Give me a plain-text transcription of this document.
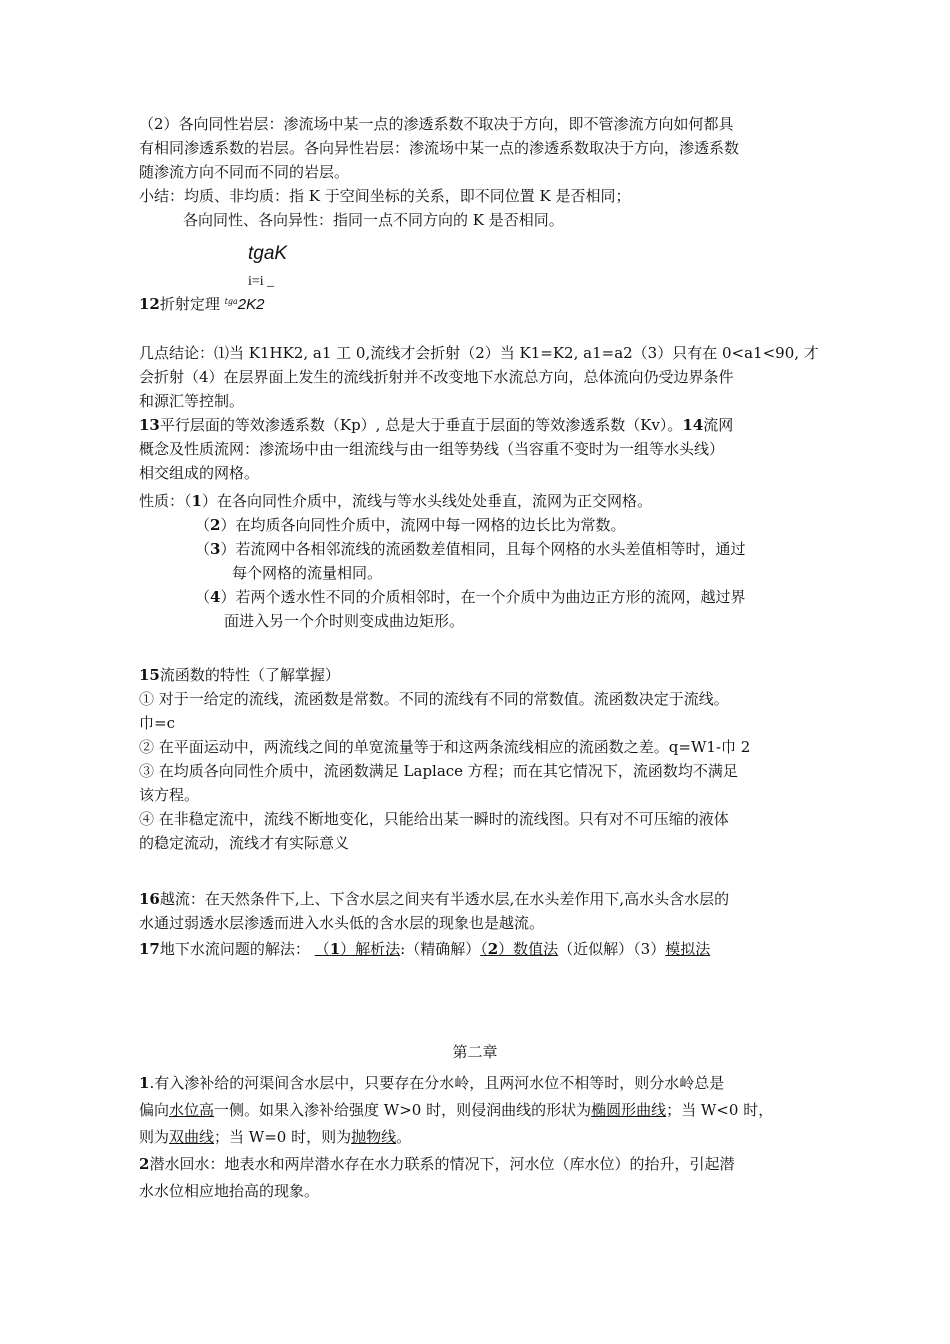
（2）各向同性岩层：渗流场中某一点的渗透系数不取决于方向，即不管渗流方向如何都具
有相同渗透系数的岩层。各向异性岩层：渗流场中某一点的渗透系数取决于方向，渗透系数
随渗流方向不同而不同的岩层。
小结：均质、非均质：指 K 于空间坐标的关系，即不同位置 K 是否相同；
各向同性、各向异性：指同一点不同方向的 K 是否相同。
tgaK
i=i _
12折射定理 $^{tga}$2K2
几点结论：⑴当 K1HK2, a1 工 0,流线才会折射（2）当 K1=K2, a1=a2（3）只有在 0<a1<90, 才
会折射（4）在层界面上发生的流线折射并不改变地下水流总方向，总体流向仍受边界条件
和源汇等控制。
13平行层面的等效渗透系数（Kp）, 总是大于垂直于层面的等效渗透系数（Kv）。14流网
概念及性质流网：渗流场中由一组流线与由一组等势线（当容重不变时为一组等水头线）
相交组成的网格。
性质：（1）在各向同性介质中，流线与等水头线处处垂直，流网为正交网格。
（2）在均质各向同性介质中，流网中每一网格的边长比为常数。
（3）若流网中各相邻流线的流函数差值相同，且每个网格的水头差值相等时，通过
每个网格的流量相同。
（4）若两个透水性不同的介质相邻时，在一个介质中为曲边正方形的流网，越过界
面进入另一个介时则变成曲边矩形。
15流函数的特性（了解掌握）
① 对于一给定的流线，流函数是常数。不同的流线有不同的常数值。流函数决定于流线。
巾=c
② 在平面运动中，两流线之间的单宽流量等于和这两条流线相应的流函数之差。q=W1-巾 2
③ 在均质各向同性介质中，流函数满足 Laplace 方程；而在其它情况下，流函数均不满足
该方程。
④ 在非稳定流中，流线不断地变化，只能给出某一瞬时的流线图。只有对不可压缩的液体
的稳定流动，流线才有实际意义
16越流：在天然条件下,上、下含水层之间夹有半透水层,在水头差作用下,高水头含水层的
水通过弱透水层渗透而进入水头低的含水层的现象也是越流。
17地下水流问题的解法： （1）解析法:（精确解）（2）数值法（近似解）（3）模拟法
第二章
1.有入渗补给的河渠间含水层中，只要存在分水岭，且两河水位不相等时，则分水岭总是
偏向水位高一侧。如果入渗补给强度 W>0 时，则侵润曲线的形状为椭圆形曲线；当 W<0 时，
则为双曲线；当 W=0 时，则为抛物线。
2潜水回水：地表水和两岸潜水存在水力联系的情况下，河水位（库水位）的抬升，引起潜
水水位相应地抬高的现象。
